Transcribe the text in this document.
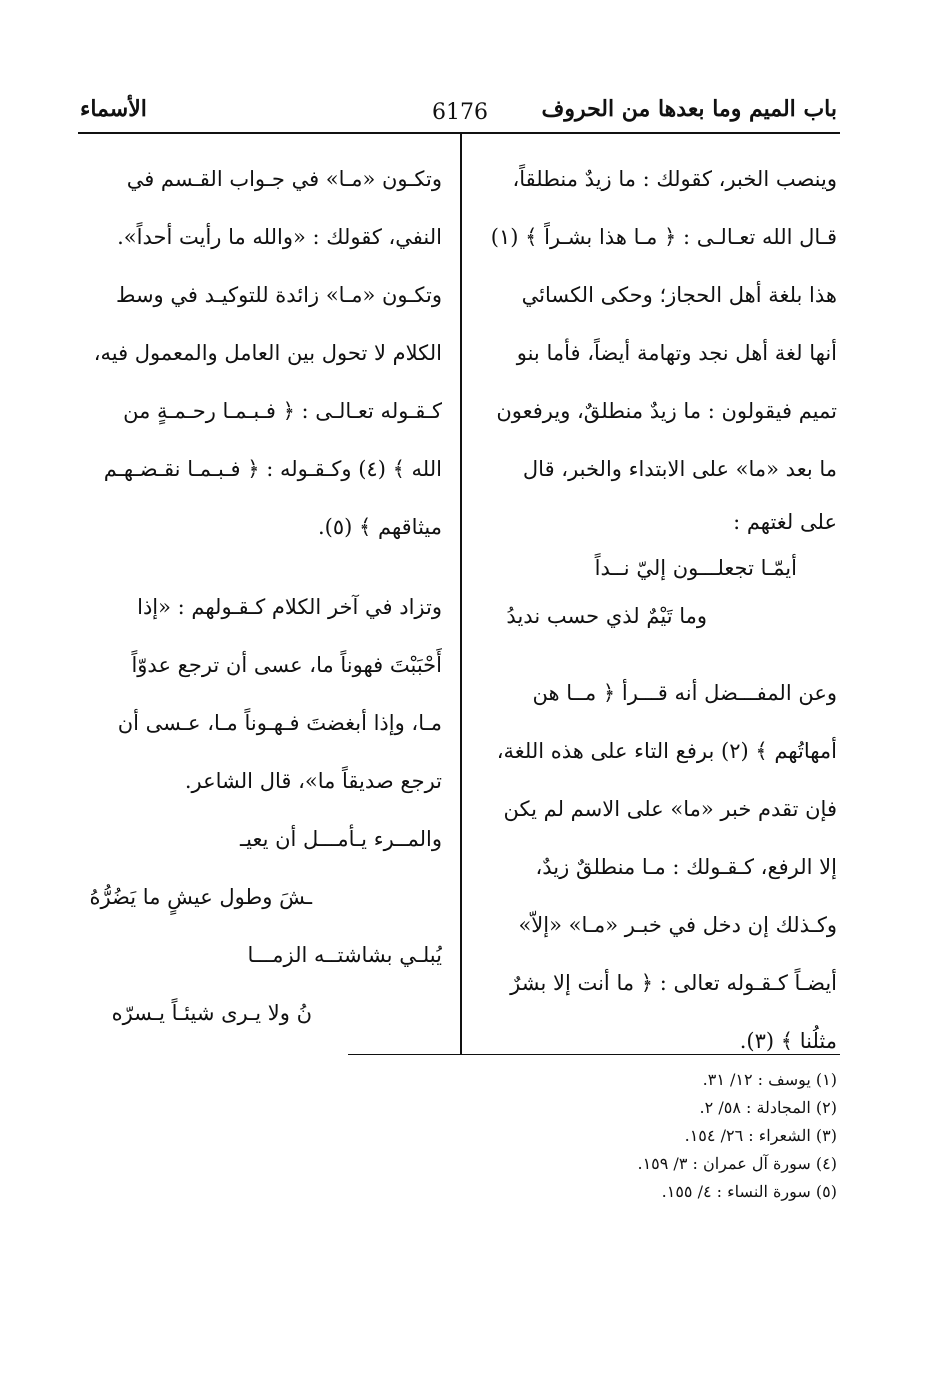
باب الميم وما بعدها من الحروف
6176
الأسماء
وينصب الخبر، كقولك : ما زيدٌ منطلقاً،
قـال الله تعـالـى : ﴿ مـا هذا بشـراً ﴾ (١)
هذا بلغة أهل الحجاز؛ وحكى الكسائي
أنها لغة أهل نجد وتهامة أيضاً، فأما بنو
تميم فيقولون : ما زيدٌ منطلقٌ، ويرفعون
ما بعد «ما» على الابتداء والخبر، قال
على لغتهم :
أيمّـا تجعلـــون إليّ نــداً
وما تَيْمٌ لذي حسب نديدُ
وعن المفـــضل أنه قـــرأ ﴿ مــا هن
أمهاتُهم ﴾ (٢) برفع التاء على هذه اللغة،
فإن تقدم خبر «ما» على الاسم لم يكن
إلا الرفع، كـقـولك : مـا منطلقٌ زيدٌ،
وكـذلك إن دخل في خبـر «مـا» «إلاّ»
أيضـاً كـقـوله تعالى : ﴿ ما أنت إلا بشرٌ
مثلُنا ﴾ (٣).
وتكـون «مـا» في جـواب القـسم في
النفي، كقولك : «والله ما رأيت أحداً».
وتكـون «مـا» زائدة للتوكيـد في وسط
الكلام لا تحول بين العامل والمعمول فيه،
كـقـوله تعـالـى : ﴿ فـبـمـا رحـمـةٍ من
الله ﴾ (٤) وكـقـوله : ﴿ فـبـمـا نقـضـهـم
ميثاقهم ﴾ (٥).
وتزاد في آخر الكلام كـقـولهم : «إذا
أَحْبَبْتَ فهوناً ما، عسى أن ترجع عدوّاً
مـا، وإذا أبغضتَ فـهـوناً مـا، عـسى أن
ترجع صديقاً ما»، قال الشاعر.
والمــرء يـأمـــل أن يعيـ
ـشَ وطول عيشٍ ما يَضُرُّهُ
يُبلـي بشاشتــه الزمـــا
نُ ولا يـرى شيئـاً يـسرّه
(١) يوسف : ١٢/ ٣١.
(٢) المجادلة : ٥٨/ ٢.
(٣) الشعراء : ٢٦/ ١٥٤.
(٤) سورة آل عمران : ٣/ ١٥٩.
(٥) سورة النساء : ٤/ ١٥٥.
